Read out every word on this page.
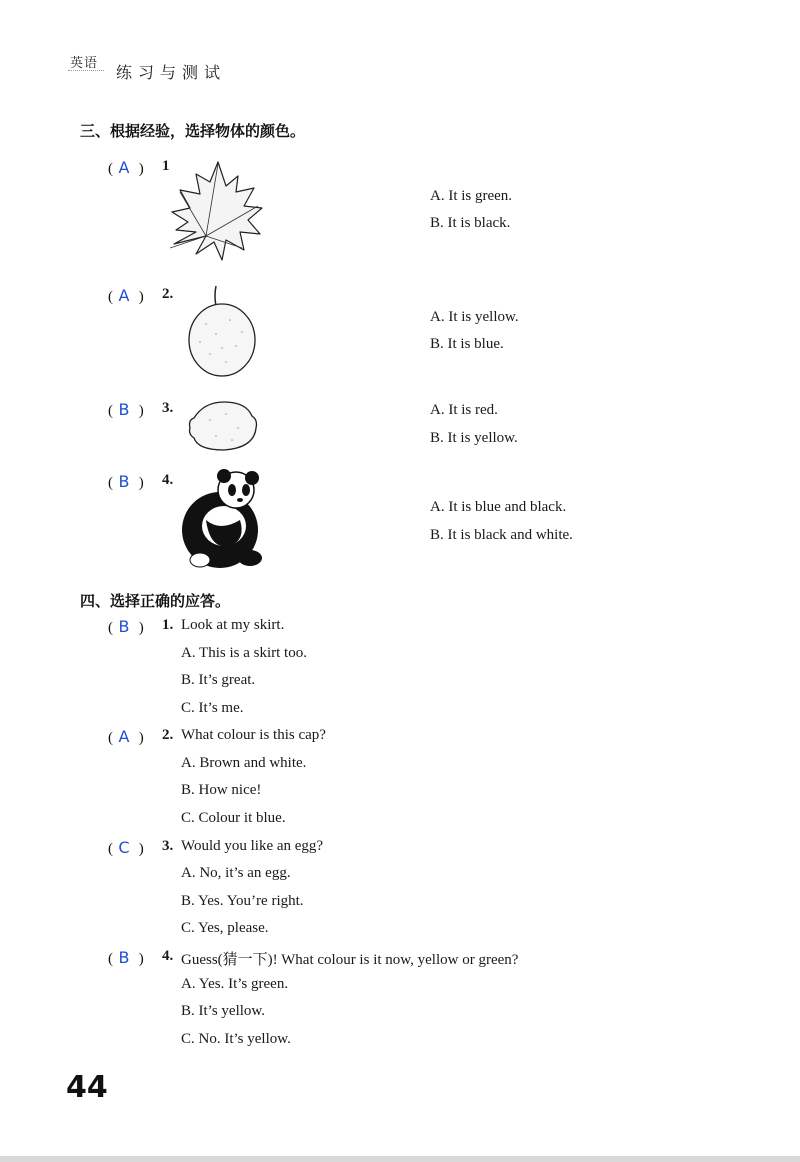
英语 练习与测试
三、根据经验，选择物体的颜色。
( A ) 1
A. It is green.
B. It is black.
( A ) 2.
A. It is yellow.
B. It is blue.
( B ) 3.	A. It is red.
B. It is yellow.
( B ) 4.
A. It is blue and black.
B. It is black and white.
四、选择正确的应答。
( B ) 1. Look at my skirt.
A. This is a skirt too.
B. It’s great.
C. It’s me.
( A ) 2. What colour is this cap?
A. Brown and white.
B. How nice!
C. Colour it blue.
( C ) 3. Would you like an egg?
A. No, it’s an egg.
B. Yes. You’re right.
C. Yes, please.
( B ) 4. Guess(猜一下)! What colour is it now, yellow or green?
A. Yes. It’s green.
B. It’s yellow.
C. No. It’s yellow.
44
